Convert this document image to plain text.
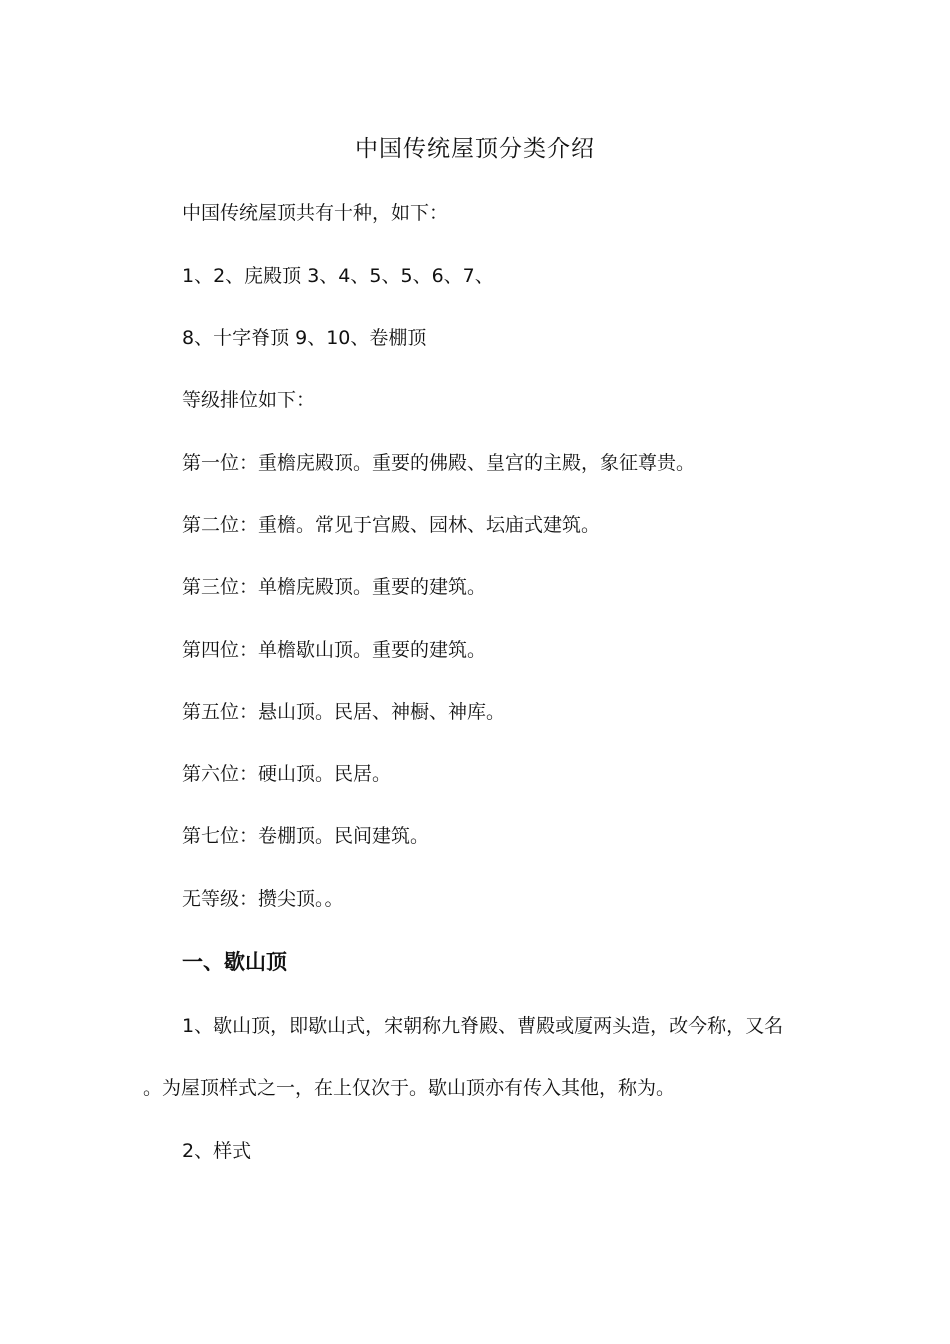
中国传统屋顶分类介绍
中国传统屋顶共有十种，如下：
1、2、庑殿顶 3、4、5、5、6、7、
8、十字脊顶 9、10、卷棚顶
等级排位如下：
第一位：重檐庑殿顶。重要的佛殿、皇宫的主殿，象征尊贵。
第二位：重檐。常见于宫殿、园林、坛庙式建筑。
第三位：单檐庑殿顶。重要的建筑。
第四位：单檐歇山顶。重要的建筑。
第五位：悬山顶。民居、神橱、神库。
第六位：硬山顶。民居。
第七位：卷棚顶。民间建筑。
无等级：攒尖顶。。
一、歇山顶
1、歇山顶，即歇山式，宋朝称九脊殿、曹殿或厦两头造，改今称，又名
。为屋顶样式之一，在上仅次于。歇山顶亦有传入其他，称为。
2、样式
